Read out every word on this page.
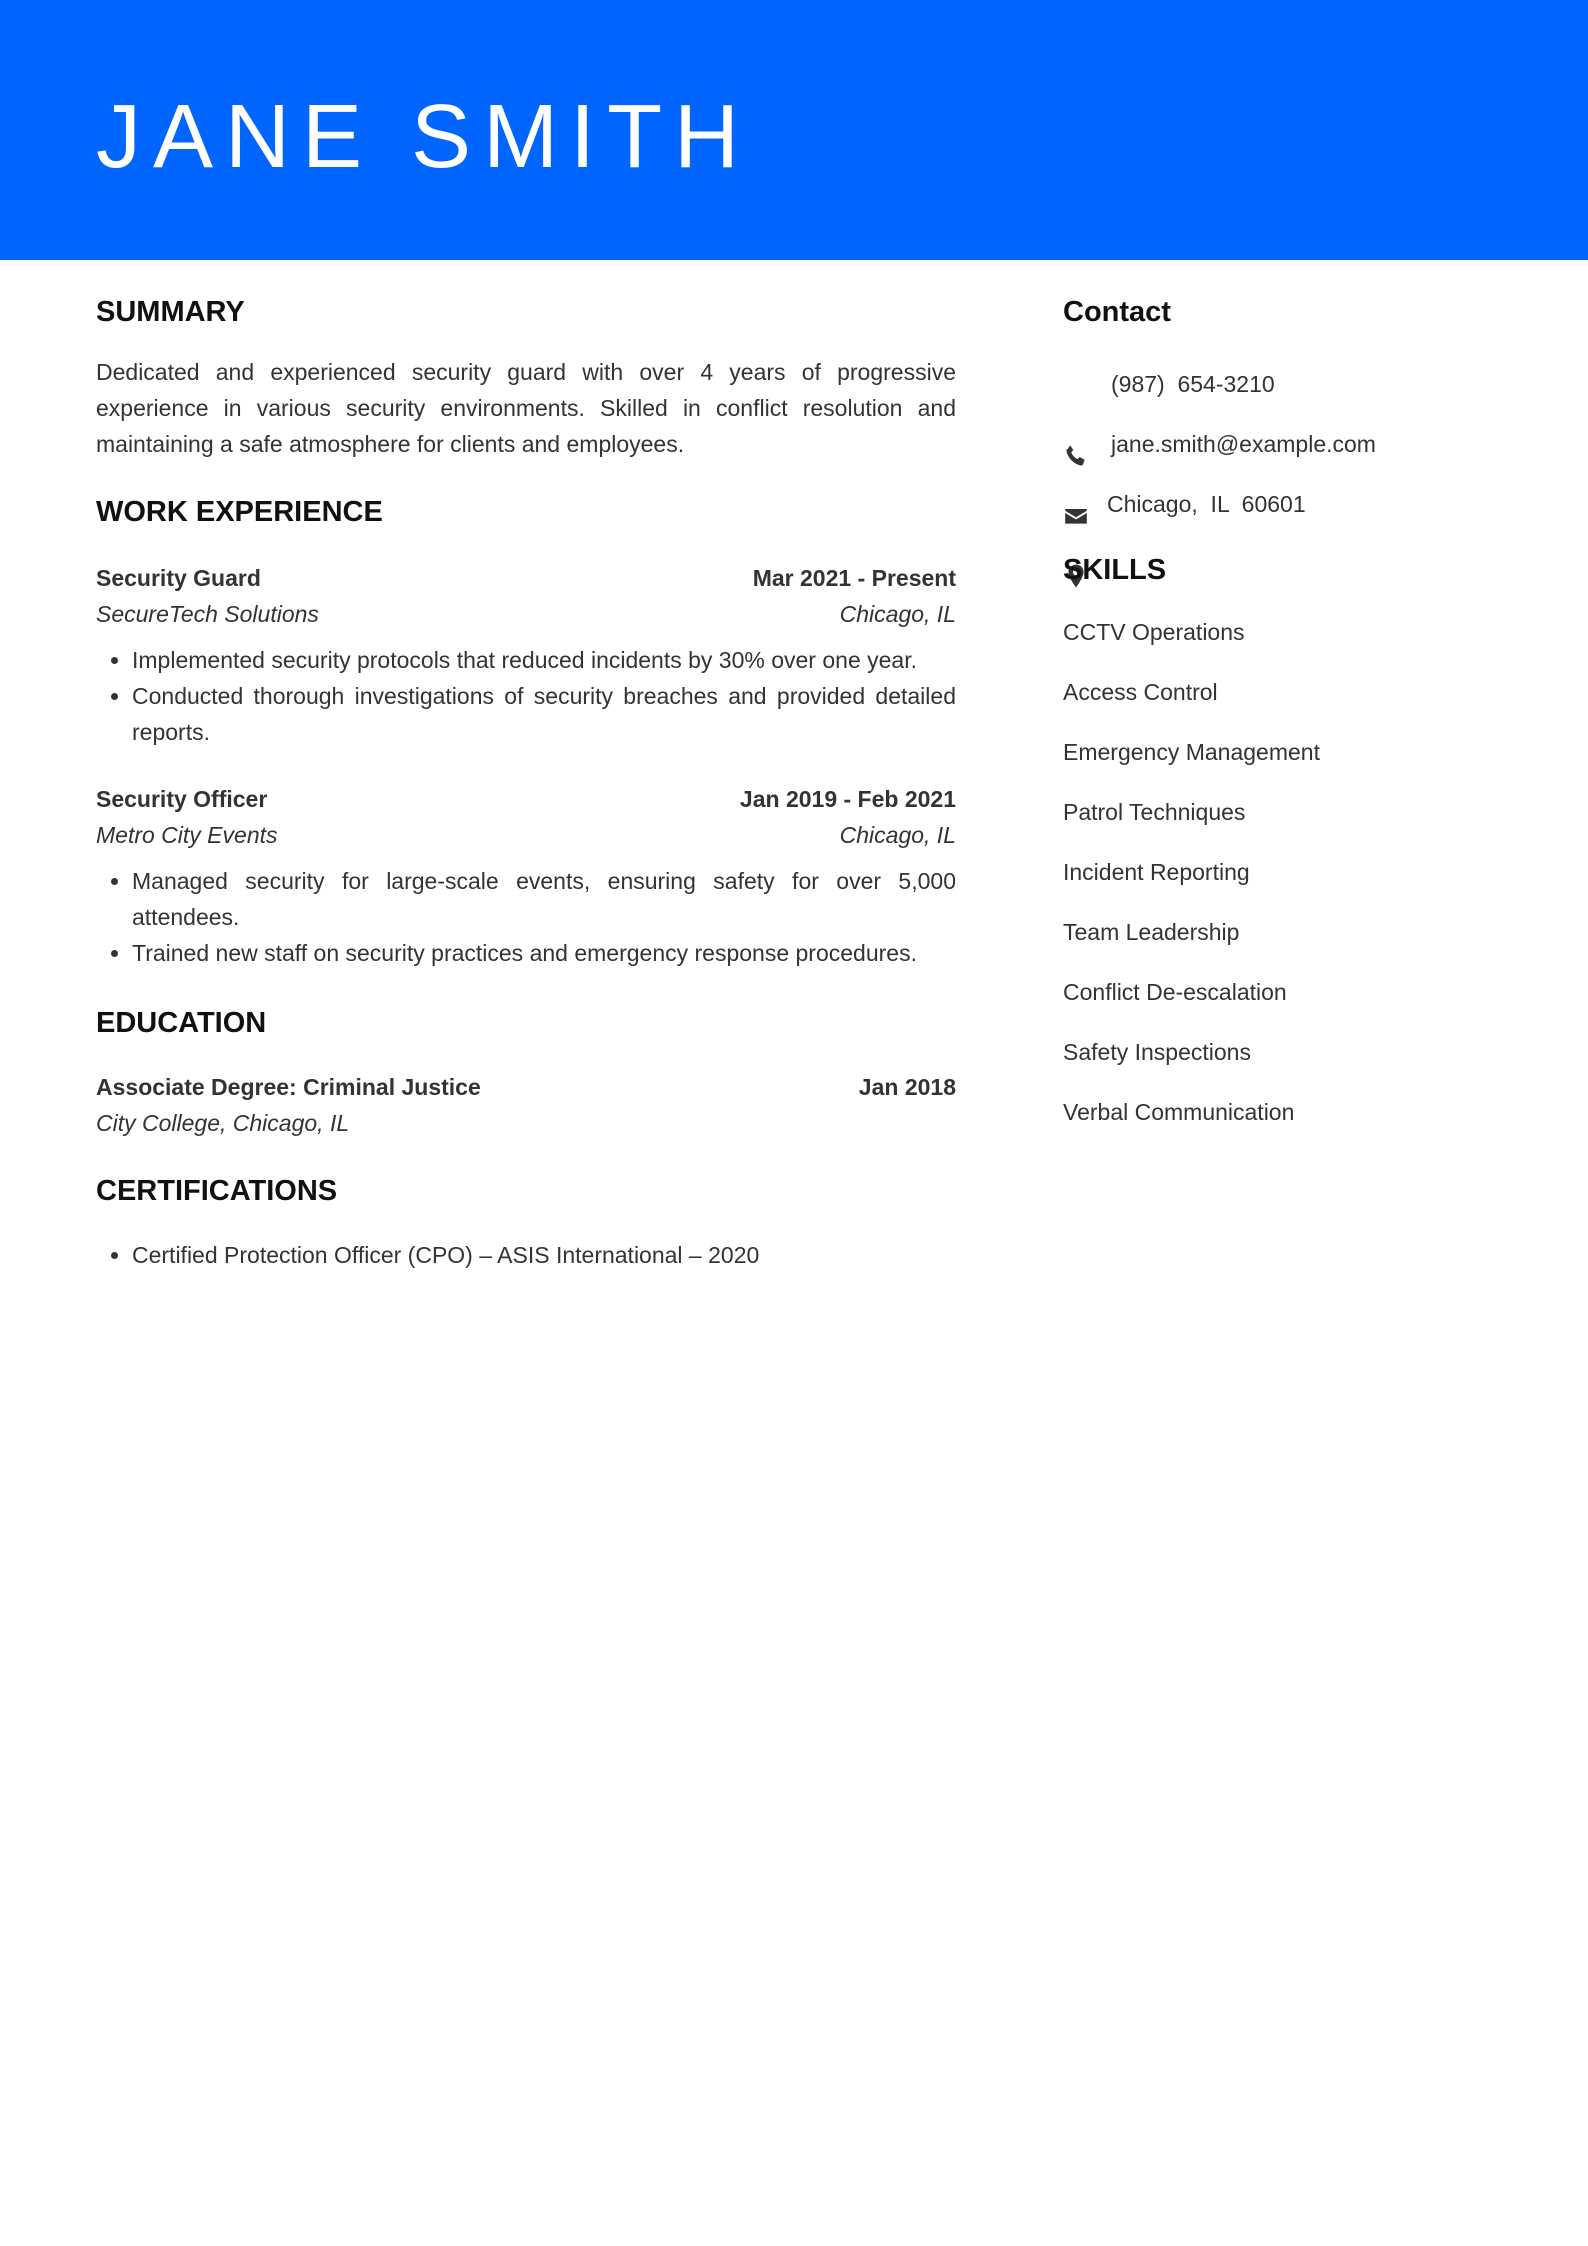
JANE SMITH
SUMMARY

Dedicated and experienced security guard with over 4 years of progressive experience in various security environments. Skilled in conflict resolution and maintaining a safe atmosphere for clients and employees.

WORK EXPERIENCE
Security Guard	Mar 2021 - Present
SecureTech Solutions	Chicago, IL
• Implemented security protocols that reduced incidents by 30% over one year.
• Conducted thorough investigations of security breaches and provided detailed reports.
Security Officer	Jan 2019 - Feb 2021
Metro City Events	Chicago, IL
• Managed security for large-scale events, ensuring safety for over 5,000 attendees.
• Trained new staff on security practices and emergency response procedures.
EDUCATION
Associate Degree: Criminal Justice	Jan 2018
City College, Chicago, IL
CERTIFICATIONS
• Certified Protection Officer (CPO) – ASIS International – 2020
Contact

(987)  654-3210

jane.smith@example.com

Chicago,  IL  60601
SKILLS
CCTV Operations
Access Control
Emergency Management
Patrol Techniques
Incident Reporting
Team Leadership
Conflict De-escalation
Safety Inspections
Verbal Communication
